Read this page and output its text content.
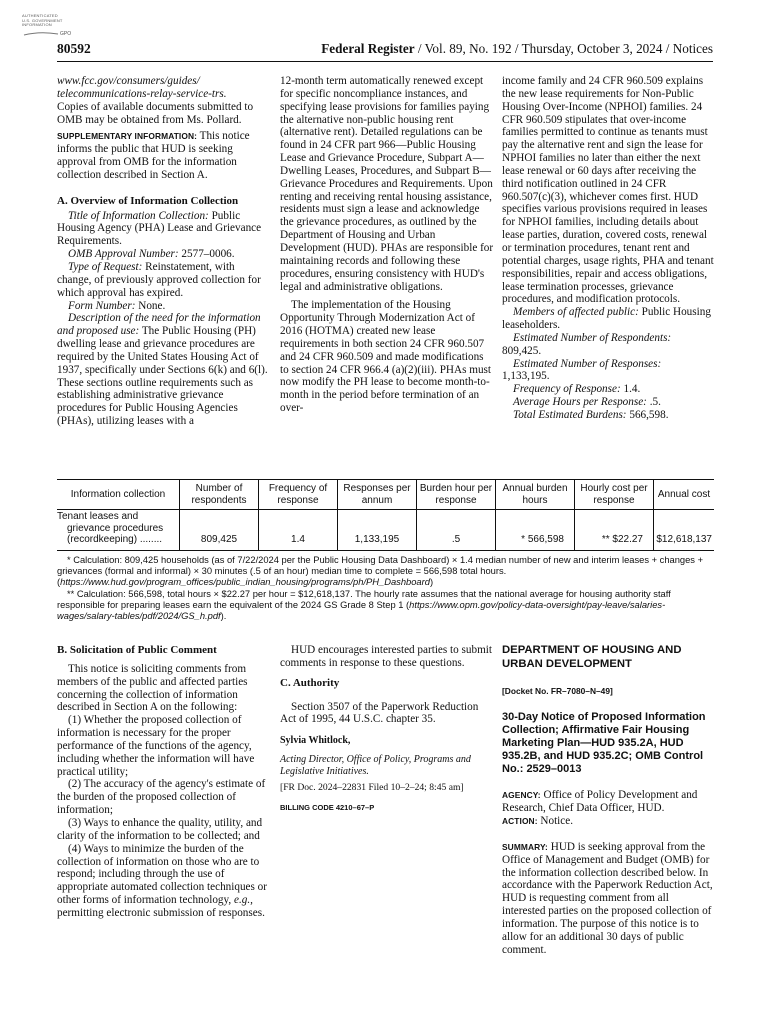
AUTHENTICATED
U.S. GOVERNMENT
INFORMATION
GPO
80592	Federal Register / Vol. 89, No. 192 / Thursday, October 3, 2024 / Notices

www.fcc.gov/consumers/guides/

telecommunications-relay-service-trs.

Copies of available documents submitted to OMB may be obtained from Ms. Pollard.

SUPPLEMENTARY INFORMATION: This notice informs the public that HUD is seeking approval from OMB for the information collection described in Section A.

A. Overview of Information Collection

Title of Information Collection: Public Housing Agency (PHA) Lease and Grievance Requirements.

OMB Approval Number: 2577–0006.

Type of Request: Reinstatement, with change, of previously approved collection for which approval has expired.

Form Number: None.

Description of the need for the information and proposed use: The Public Housing (PH) dwelling lease and grievance procedures are required by the United States Housing Act of 1937, specifically under Sections 6(k) and 6(l). These sections outline requirements such as establishing administrative grievance procedures for Public Housing Agencies (PHAs), utilizing leases with a

12-month term automatically renewed except for specific noncompliance instances, and specifying lease provisions for families paying the alternative non-public housing rent (alternative rent). Detailed regulations can be found in 24 CFR part 966—Public Housing Lease and Grievance Procedure, Subpart A—Dwelling Leases, Procedures, and Subpart B—Grievance Procedures and Requirements. Upon renting and receiving rental housing assistance, residents must sign a lease and acknowledge the grievance procedures, as outlined by the Department of Housing and Urban Development (HUD). PHAs are responsible for maintaining records and following these procedures, ensuring consistency with HUD's legal and administrative obligations.

The implementation of the Housing Opportunity Through Modernization Act of 2016 (HOTMA) created new lease requirements in both section 24 CFR 960.507 and 24 CFR 960.509 and made modifications to section 24 CFR 966.4 (a)(2)(iii). PHAs must now modify the PH lease to become month-to-month in the period before termination of an over-

income family and 24 CFR 960.509 explains the new lease requirements for Non-Public Housing Over-Income (NPHOI) families. 24 CFR 960.509 stipulates that over-income families permitted to continue as tenants must pay the alternative rent and sign the lease for NPHOI families no later than either the next lease renewal or 60 days after receiving the third notification outlined in 24 CFR 960.507(c)(3), whichever comes first. HUD specifies various provisions required in leases for NPHOI families, including details about lease parties, duration, covered costs, renewal or termination procedures, tenant rent and potential charges, usage rights, PHA and tenant responsibilities, repair and access obligations, lease termination processes, grievance procedures, and modification protocols.

Members of affected public: Public Housing leaseholders.

Estimated Number of Respondents:

809,425.

Estimated Number of Responses:

1,133,195.

Frequency of Response: 1.4.

Average Hours per Response: .5.

Total Estimated Burdens: 566,598.

Information collection	Number of respondents	Frequency of response	Responses per annum	Burden hour per response	Annual burden hours	Hourly cost per response	Annual cost

Tenant leases and
grievance procedures
(recordkeeping) ........	809,425	1.4	1,133,195	.5	* 566,598	** $22.27	$12,618,137

* Calculation: 809,425 households (as of 7/22/2024 per the Public Housing Data Dashboard) × 1.4 median number of new and interim leases + changes + grievances (formal and informal) × 30 minutes (.5 of an hour) median time to complete = 566,598 total hours. (https://www.hud.gov/program_offices/public_indian_housing/programs/ph/PH_Dashboard)

** Calculation: 566,598, total hours × $22.27 per hour = $12,618,137. The hourly rate assumes that the national average for housing authority staff responsible for preparing leases earn the equivalent of the 2024 GS Grade 8 Step 1 (https://www.opm.gov/policy-data-oversight/pay-leave/salaries-wages/salary-tables/pdf/2024/GS_h.pdf).

B. Solicitation of Public Comment

This notice is soliciting comments from members of the public and affected parties concerning the collection of information described in Section A on the following:

(1) Whether the proposed collection of information is necessary for the proper performance of the functions of the agency, including whether the information will have practical utility;

(2) The accuracy of the agency's estimate of the burden of the proposed collection of information;

(3) Ways to enhance the quality, utility, and clarity of the information to be collected; and

(4) Ways to minimize the burden of the collection of information on those who are to respond; including through the use of appropriate automated collection techniques or other forms of information technology, e.g., permitting electronic submission of responses.

HUD encourages interested parties to submit comments in response to these questions.

C. Authority

Section 3507 of the Paperwork Reduction Act of 1995, 44 U.S.C. chapter 35.

Sylvia Whitlock,

Acting Director, Office of Policy, Programs and Legislative Initiatives.

[FR Doc. 2024–22831 Filed 10–2–24; 8:45 am]

BILLING CODE 4210–67–P

DEPARTMENT OF HOUSING AND URBAN DEVELOPMENT

[Docket No. FR–7080–N–49]

30-Day Notice of Proposed Information Collection; Affirmative Fair Housing Marketing Plan—HUD 935.2A, HUD 935.2B, and HUD 935.2C; OMB Control No.: 2529–0013

AGENCY: Office of Policy Development and Research, Chief Data Officer, HUD.

ACTION: Notice.

SUMMARY: HUD is seeking approval from the Office of Management and Budget (OMB) for the information collection described below. In accordance with the Paperwork Reduction Act, HUD is requesting comment from all interested parties on the proposed collection of information. The purpose of this notice is to allow for an additional 30 days of public comment.
